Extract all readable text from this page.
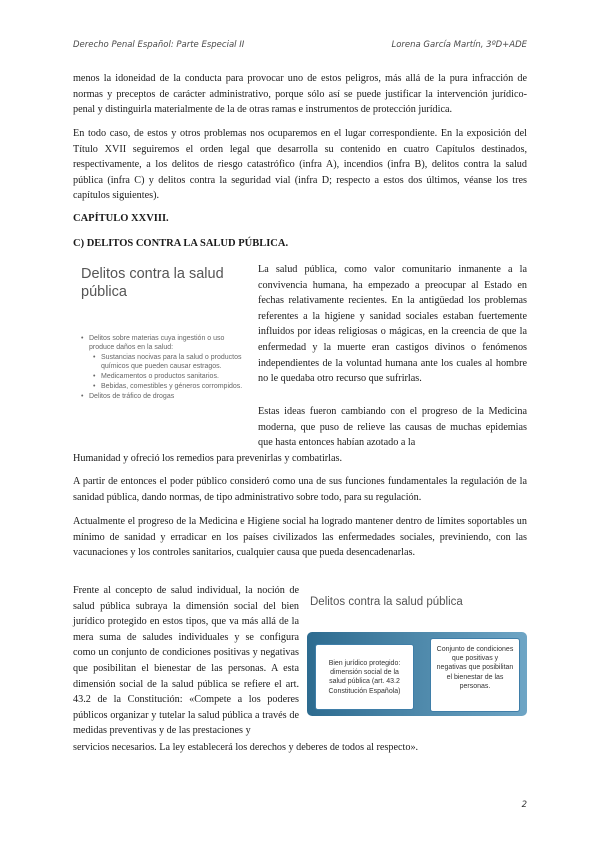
Derecho Penal Español: Parte Especial II	Lorena García Martín, 3ºD+ADE

menos la idoneidad de la conducta para provocar uno de estos peligros, más allá de la pura infracción de normas y preceptos de carácter administrativo, porque sólo así se puede justificar la intervención jurídico-penal y distinguirla materialmente de la de otras ramas e instrumentos de protección jurídica.

En todo caso, de estos y otros problemas nos ocuparemos en el lugar correspondiente. En la exposición del Título XVII seguiremos el orden legal que desarrolla su contenido en cuatro Capítulos destinados, respectivamente, a los delitos de riesgo catastrófico (infra A), incendios (infra B), delitos contra la salud pública (infra C) y delitos contra la seguridad vial (infra D; respecto a estos dos últimos, véanse los tres capítulos siguientes).

CAPÍTULO XXVIII.

C) DELITOS CONTRA LA SALUD PÚBLICA.

Delitos contra la salud pública
• Delitos sobre materias cuya ingestión o uso produce daños en la salud:
• Sustancias nocivas para la salud o productos químicos que pueden causar estragos.
• Medicamentos o productos sanitarios.
• Bebidas, comestibles y géneros corrompidos.
• Delitos de tráfico de drogas

La salud pública, como valor comunitario inmanente a la convivencia humana, ha empezado a preocupar al Estado en fechas relativamente recientes. En la antigüedad los problemas referentes a la higiene y sanidad sociales estaban fuertemente influidos por ideas religiosas o mágicas, en la creencia de que la enfermedad y la muerte eran castigos divinos o fenómenos independientes de la voluntad humana ante los cuales al hombre no le quedaba otro recurso que sufrirlas.

Estas ideas fueron cambiando con el progreso de la Medicina moderna, que puso de relieve las causas de muchas epidemias que hasta entonces habían azotado a la

Humanidad y ofreció los remedios para prevenirlas y combatirlas.

A partir de entonces el poder público consideró como una de sus funciones fundamentales la regulación de la sanidad pública, dando normas, de tipo administrativo sobre todo, para su regulación.

Actualmente el progreso de la Medicina e Higiene social ha logrado mantener dentro de límites soportables un mínimo de sanidad y erradicar en los países civilizados las enfermedades sociales, previniendo, con las vacunaciones y los controles sanitarios, cualquier causa que pueda desencadenarlas.

Frente al concepto de salud individual, la noción de salud pública subraya la dimensión social del bien jurídico protegido en estos tipos, que va más allá de la mera suma de saludes individuales y se configura como un conjunto de condiciones positivas y negativas que posibilitan el bienestar de las personas. A esta dimensión social de la salud pública se refiere el art. 43.2 de la Constitución: «Compete a los poderes públicos organizar y tutelar la salud pública a través de medidas preventivas y de las prestaciones y

servicios necesarios. La ley establecerá los derechos y deberes de todos al respecto».

Delitos contra la salud pública
Bien jurídico protegido: dimensión social de la salud pública (art. 43.2 Constitución Española)
Conjunto de condiciones que positivas y negativas que posibilitan el bienestar de las personas.
2
